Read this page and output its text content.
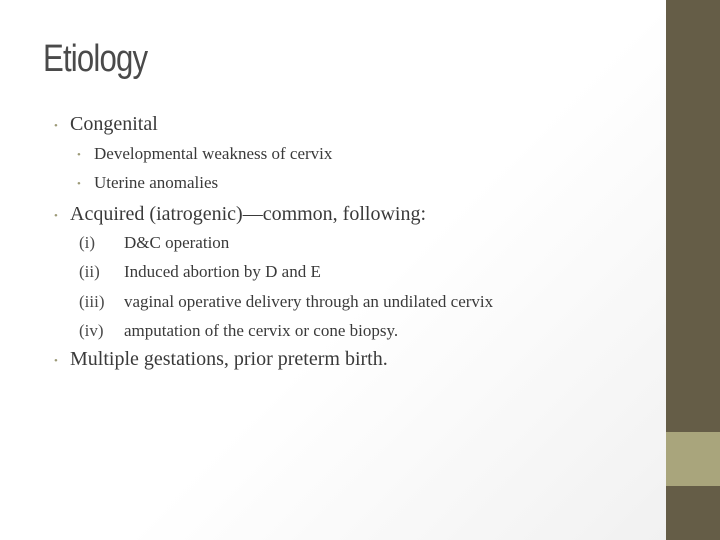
Etiology
• Congenital
• Developmental weakness of cervix
• Uterine anomalies
• Acquired (iatrogenic)—common, following:
(i) D&C operation
(ii) Induced abortion by D and E
(iii) vaginal operative delivery through an undilated cervix
(iv) amputation of the cervix or cone biopsy.
• Multiple gestations, prior preterm birth.
